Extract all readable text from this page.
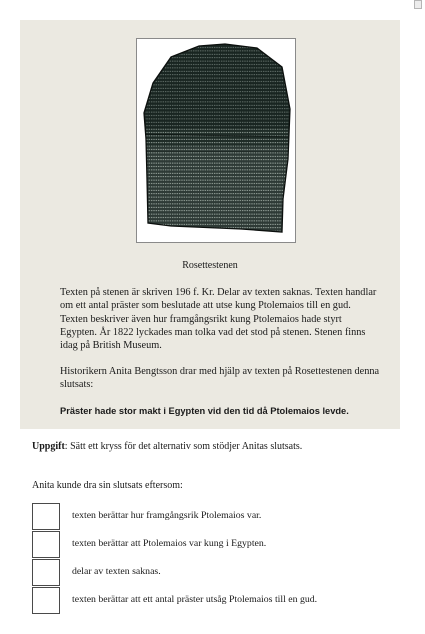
Rosettestenen

Texten på stenen är skriven 196 f. Kr. Delar av texten saknas. Texten handlar om ett antal präster som beslutade att utse kung Ptolemaios till en gud. Texten beskriver även hur framgångsrikt kung Ptolemaios hade styrt Egypten. År 1822 lyckades man tolka vad det stod på stenen. Stenen finns idag på British Museum.

Historikern Anita Bengtsson drar med hjälp av texten på Rosettestenen denna slutsats:

Präster hade stor makt i Egypten vid den tid då Ptolemaios levde.

Uppgift: Sätt ett kryss för det alternativ som stödjer Anitas slutsats.

Anita kunde dra sin slutsats eftersom:

texten berättar hur framgångsrik Ptolemaios var.
texten berättar att Ptolemaios var kung i Egypten.
delar av texten saknas.
texten berättar att ett antal präster utsåg Ptolemaios till en gud.
